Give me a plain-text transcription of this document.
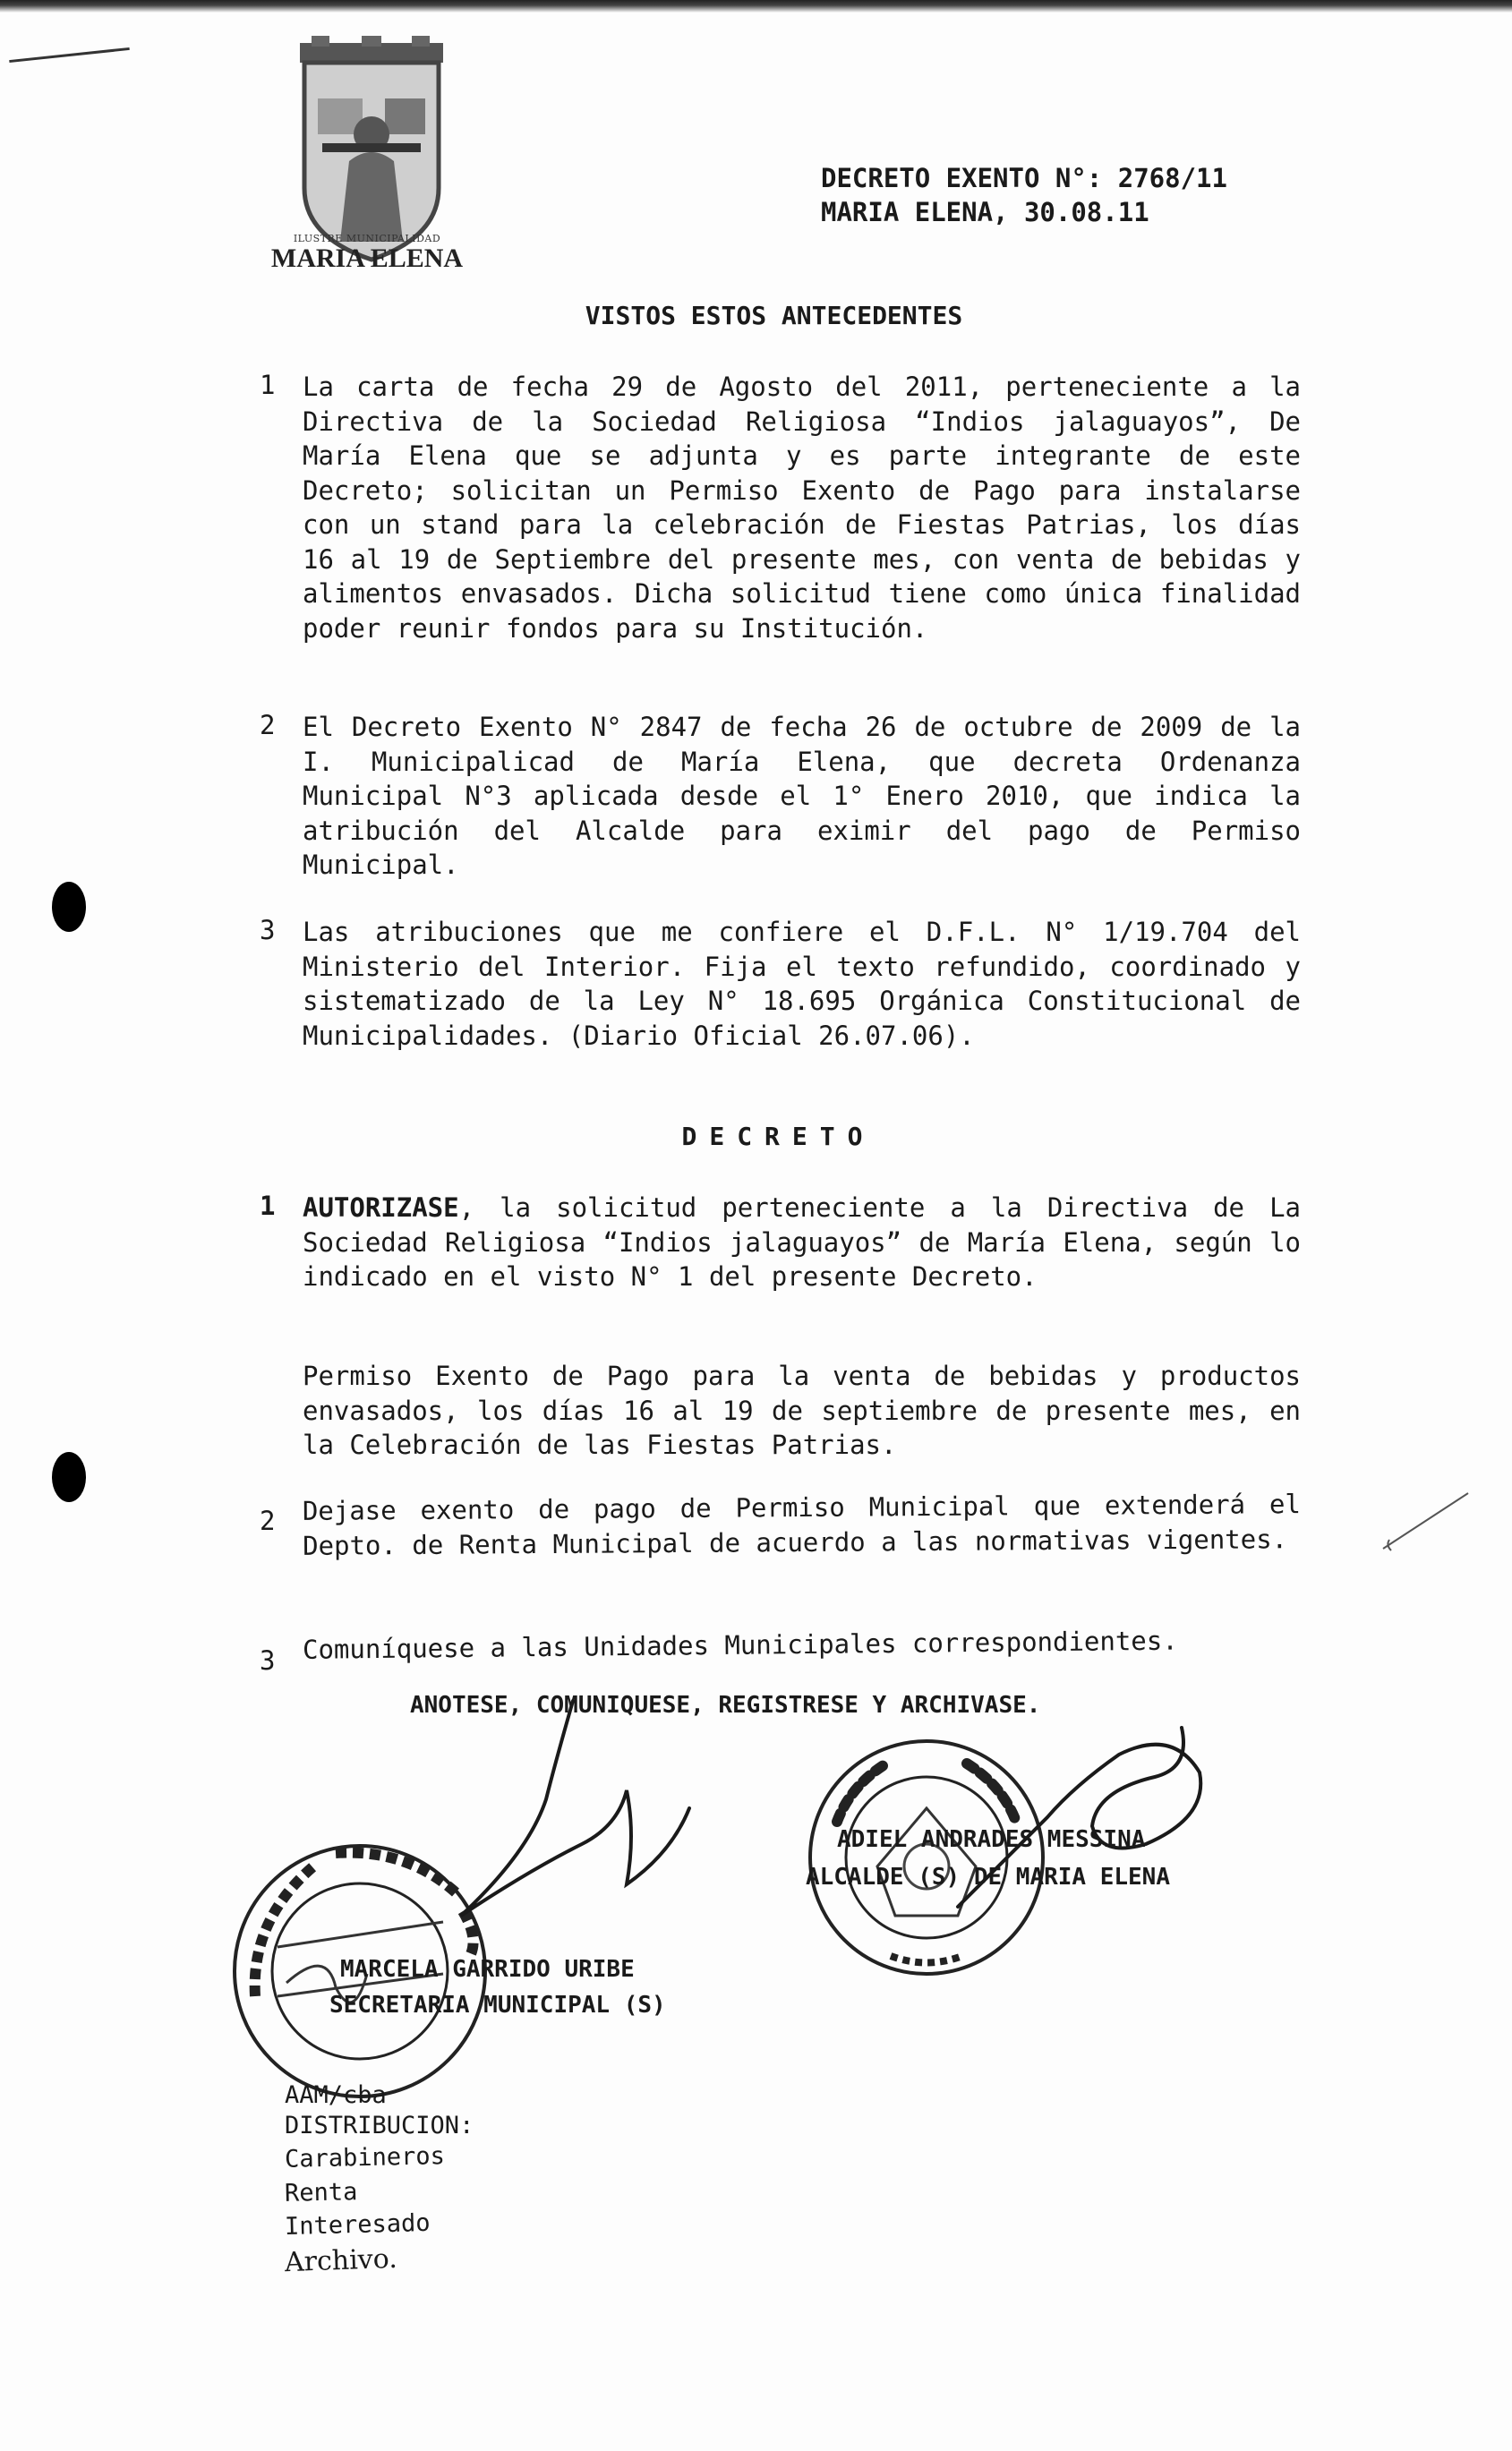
ILUSTRE MUNICIPALIDAD
MARIA ELENA
DECRETO EXENTO N°: 2768/11
MARIA ELENA, 30.08.11
VISTOS ESTOS ANTECEDENTES
1 La carta de fecha 29 de Agosto del 2011, perteneciente a la Directiva de la Sociedad Religiosa “Indios jalaguayos”, De María Elena que se adjunta y es parte integrante de este Decreto; solicitan un Permiso Exento de Pago para instalarse con un stand para la celebración de Fiestas Patrias, los días 16 al 19 de Septiembre del presente mes, con venta de bebidas y alimentos envasados. Dicha solicitud tiene como única finalidad poder reunir fondos para su Institución.
2 El Decreto Exento N° 2847 de fecha 26 de octubre de 2009 de la I. Municipalicad de María Elena, que decreta Ordenanza Municipal N°3 aplicada desde el 1° Enero 2010, que indica la atribución del Alcalde para eximir del pago de Permiso Municipal.
3 Las atribuciones que me confiere el D.F.L. N° 1/19.704 del Ministerio del Interior. Fija el texto refundido, coordinado y sistematizado de la Ley N° 18.695 Orgánica Constitucional de Municipalidades. (Diario Oficial 26.07.06).
DECRETO
1 AUTORIZASE, la solicitud perteneciente a la Directiva de La Sociedad Religiosa “Indios jalaguayos” de María Elena, según lo indicado en el visto N° 1 del presente Decreto.
Permiso Exento de Pago para la venta de bebidas y productos envasados, los días 16 al 19 de septiembre de presente mes, en la Celebración de las Fiestas Patrias.
2 Dejase exento de pago de Permiso Municipal que extenderá el Depto. de Renta Municipal de acuerdo a las normativas vigentes.
3 Comuníquese a las Unidades Municipales correspondientes.
ANOTESE, COMUNIQUESE, REGISTRESE Y ARCHIVASE.
ADIEL ANDRADES MESSINA
ALCALDE (S) DE MARIA ELENA
MARCELA GARRIDO URIBE
SECRETARIA MUNICIPAL (S)
AAM/cba
DISTRIBUCION:
Carabineros
Renta
Interesado
Archivo.
